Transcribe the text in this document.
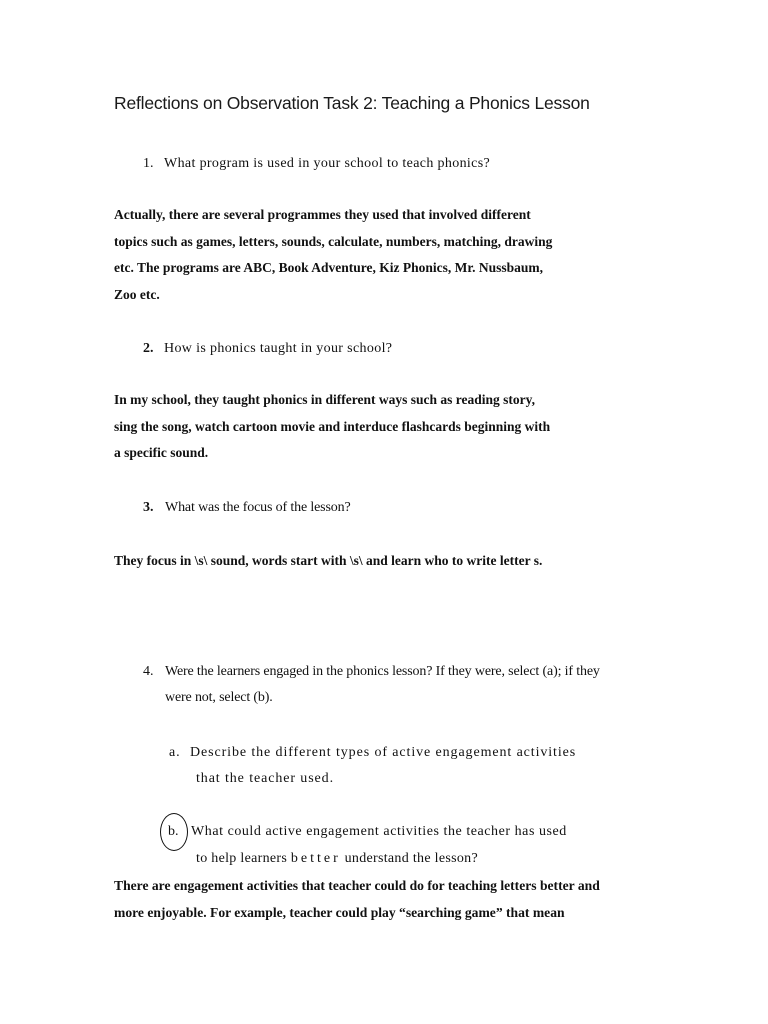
Reflections on Observation Task 2: Teaching a Phonics Lesson
1. What program is used in your school to teach phonics?
Actually, there are several programmes they used that involved different
topics such as games, letters, sounds, calculate, numbers, matching, drawing
etc. The programs are ABC, Book Adventure, Kiz Phonics, Mr. Nussbaum,
Zoo etc.
2. How is phonics taught in your school?
In my school, they taught phonics in different ways such as reading story,
sing the song, watch cartoon movie and interduce flashcards beginning with
a specific sound.
3. What was the focus of the lesson?
They focus in \s\ sound, words start with \s\ and learn who to write letter s.
4. Were the learners engaged in the phonics lesson? If they were, select (a); if they
were not, select (b).
a. Describe the different types of active engagement activities
that the teacher used.
b. What could active engagement activities the teacher has used
to help learners better understand the lesson?
There are engagement activities that teacher could do for teaching letters better and
more enjoyable. For example, teacher could play “searching game” that mean
